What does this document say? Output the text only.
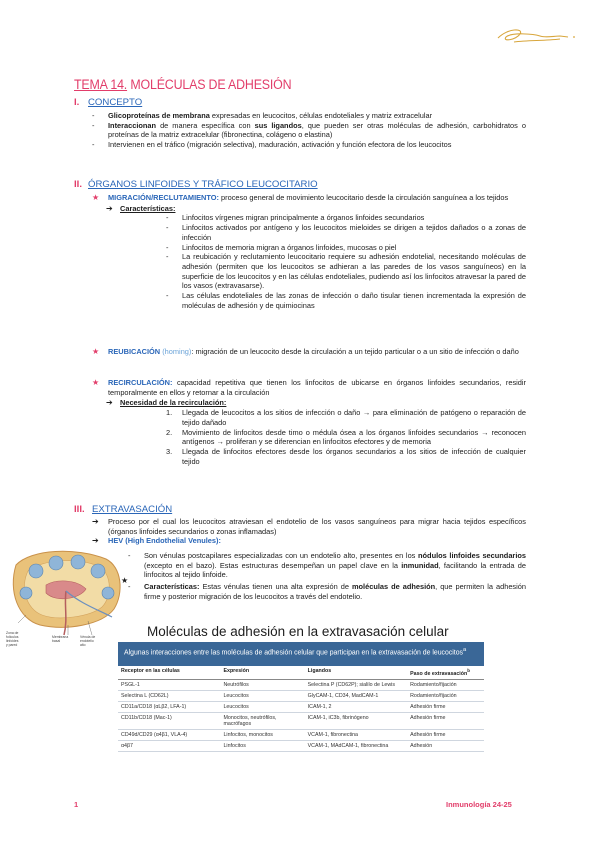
TEMA 14. MOLÉCULAS DE ADHESIÓN
I. CONCEPTO
- Glicoproteínas de membrana expresadas en leucocitos, células endoteliales y matriz extracelular
- Interaccionan de manera específica con sus ligandos, que pueden ser otras moléculas de adhesión, carbohidratos o proteínas de la matriz extracelular (fibronectina, colágeno o elastina)
- Intervienen en el tráfico (migración selectiva), maduración, activación y función efectora de los leucocitos
II. ÓRGANOS LINFOIDES Y TRÁFICO LEUCOCITARIO
★ MIGRACIÓN/RECLUTAMIENTO: proceso general de movimiento leucocitario desde la circulación sanguínea a los tejidos
➔ Características:
- Linfocitos vírgenes migran principalmente a órganos linfoides secundarios
- Linfocitos activados por antígeno y los leucocitos mieloides se dirigen a tejidos dañados o a zonas de infección
- Linfocitos de memoria migran a órganos linfoides, mucosas o piel
- La reubicación y reclutamiento leucocitario requiere su adhesión endotelial, necesitando moléculas de adhesión (permiten que los leucocitos se adhieran a las paredes de los vasos sanguíneos) en la superficie de los leucocitos y en las células endoteliales, pudiendo así los linfocitos atravesar la pared de los vasos (extravasarse).
- Las células endoteliales de las zonas de infección o daño tisular tienen incrementada la expresión de moléculas de adhesión y de quimiocinas
★ REUBICACIÓN (homing): migración de un leucocito desde la circulación a un tejido particular o a un sitio de infección o daño
★ RECIRCULACIÓN: capacidad repetitiva que tienen los linfocitos de ubicarse en órganos linfoides secundarios, residir temporalmente en ellos y retornar a la circulación
➔ Necesidad de la recirculación:
1. Llegada de leucocitos a los sitios de infección o daño → para eliminación de patógeno o reparación de tejido dañado
2. Movimiento de linfocitos desde timo o médula ósea a los órganos linfoides secundarios → reconocen antígenos → proliferan y se diferencian en linfocitos efectores y de memoria
3. Llegada de linfocitos efectores desde los órganos secundarios a los sitios de infección de cualquier tejido
III. EXTRAVASACIÓN
➔ Proceso por el cual los leucocitos atraviesan el endotelio de los vasos sanguíneos para migrar hacia tejidos específicos (órganos linfoides secundarios o zonas inflamadas)
➔ HEV (High Endothelial Venules):
- Son vénulas postcapilares especializadas con un endotelio alto, presentes en los nódulos linfoides secundarios (excepto en el bazo). Estas estructuras desempeñan un papel clave en la inmunidad, facilitando la entrada de linfocitos al tejido linfoide.
- Características: Estas vénulas tienen una alta expresión de moléculas de adhesión, que permiten la adhesión firme y posterior migración de los leucocitos a través del endotelio.
★
Zona de
folículos
linfoides
y pared
Membrana
basal
Vénula de
endotelio
alto
Moléculas de adhesión en la extravasación celular
Algunas interacciones entre las moléculas de adhesión celular que participan en la extravasación de leucocitos$^a$
Receptor en las células	Expresión	Ligandos	Paso de extravasación$^b$
PSGL-1	Neutrófilos	Selectina P (CD62P); sialilo de Lewis	Rodamiento/fijación
Selectina L (CD62L)	Leucocitos	GlyCAM-1, CD34, MadCAM-1	Rodamiento/fijación
CD11a/CD18 (αLβ2, LFA-1)	Leucocitos	ICAM-1, 2	Adhesión firme
CD11b/CD18 (Mac-1)	Monocitos, neutrófilos, macrófagos	ICAM-1, iC3b, fibrinógeno	Adhesión firme
CD49d/CD29 (α4β1, VLA-4)	Linfocitos, monocitos	VCAM-1, fibronectina	Adhesión firme
α4β7	Linfocitos	VCAM-1, MAdCAM-1, fibronectina	Adhesión
1	Inmunología 24-25
